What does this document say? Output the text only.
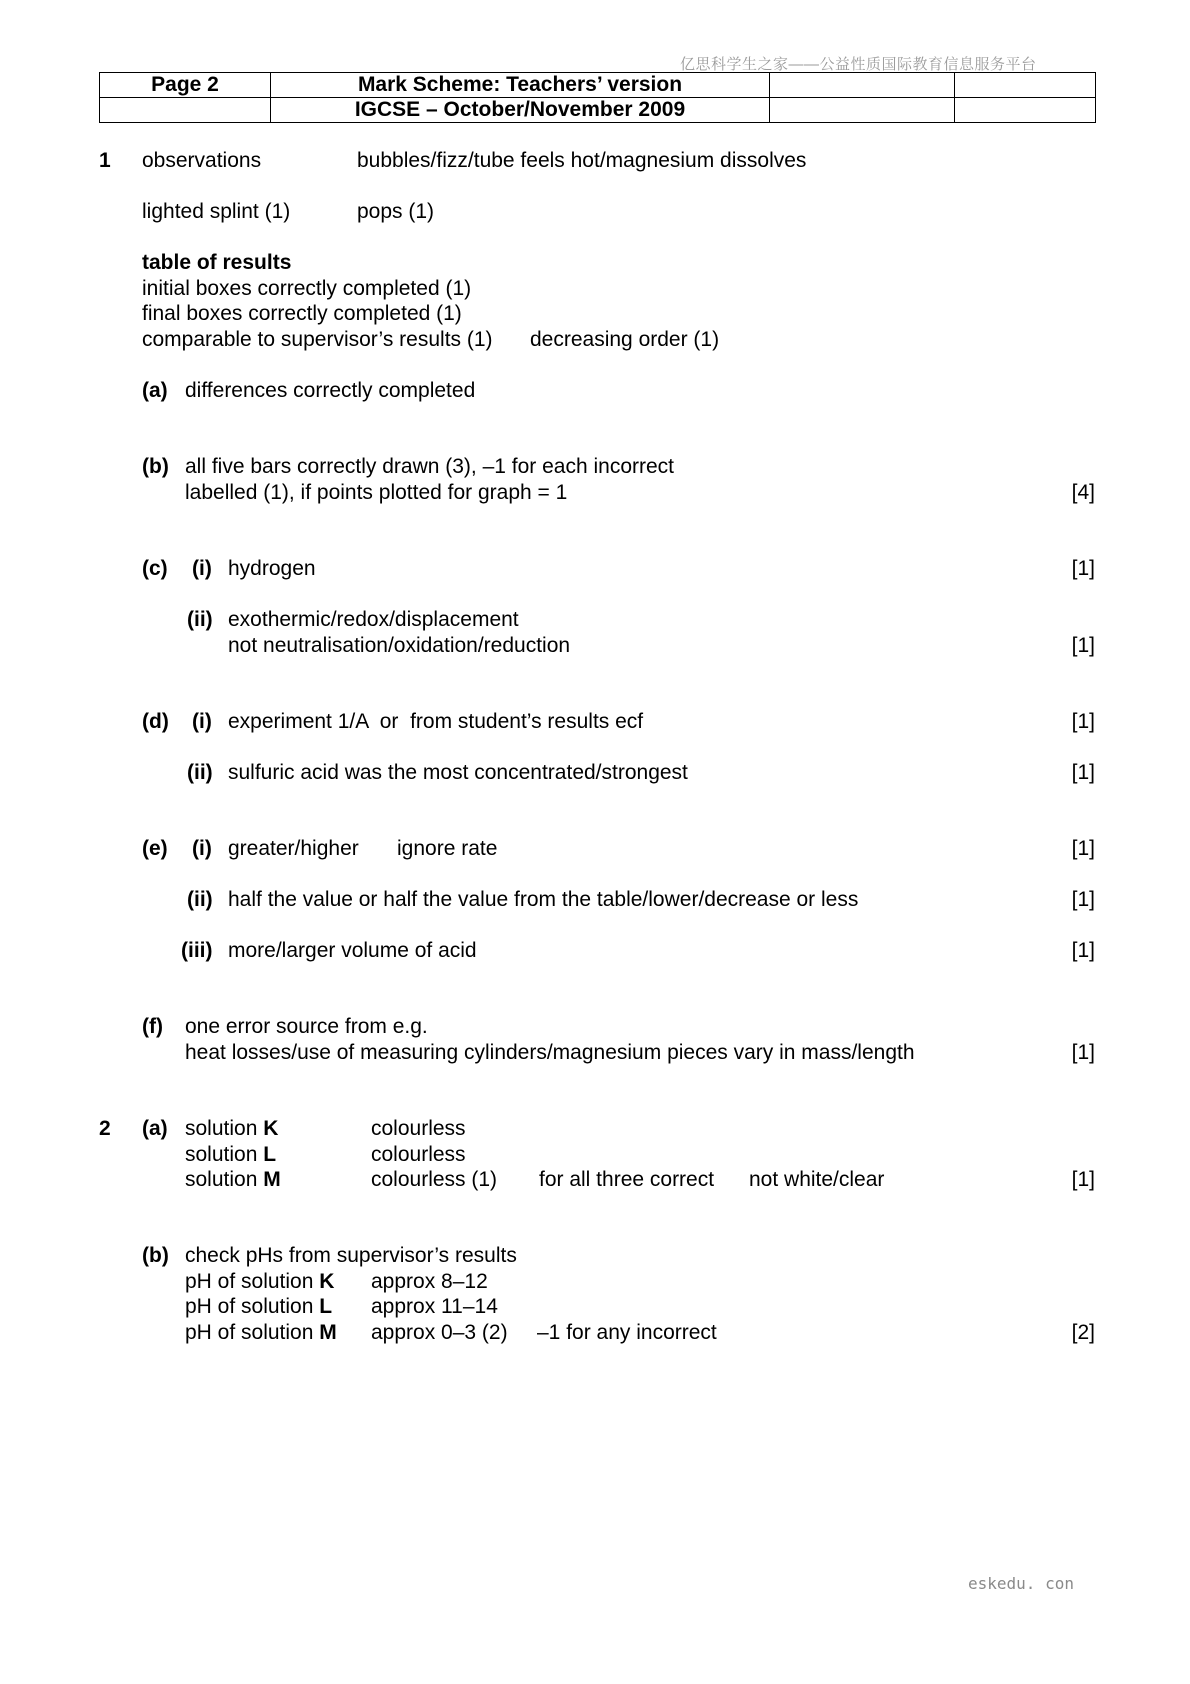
亿思科学生之家——公益性质国际教育信息服务平台
Page 2	Mark Scheme: Teachers’ version		
	IGCSE – October/November 2009		
1 observations	bubbles/fizz/tube feels hot/magnesium dissolves
lighted splint (1)	pops (1)
table of results
initial boxes correctly completed (1)
final boxes correctly completed (1)
comparable to supervisor’s results (1) decreasing order (1)
(a) differences correctly completed
(b) all five bars correctly drawn (3), –1 for each incorrect
labelled (1), if points plotted for graph = 1	[4]
(c) (i) hydrogen	[1]
(ii) exothermic/redox/displacement
not neutralisation/oxidation/reduction	[1]
(d) (i) experiment 1/A  or  from student’s results ecf	[1]
(ii) sulfuric acid was the most concentrated/strongest	[1]
(e) (i) greater/higher ignore rate	[1]
(ii) half the value or half the value from the table/lower/decrease or less	[1]
(iii) more/larger volume of acid	[1]
(f) one error source from e.g.
heat losses/use of measuring cylinders/magnesium pieces vary in mass/length	[1]
2 (a) solution K	colourless
solution L	colourless
solution M	colourless (1) for all three correct not white/clear	[1]
(b) check pHs from supervisor’s results
pH of solution K approx 8–12
pH of solution L approx 11–14
pH of solution M approx 0–3 (2) –1 for any incorrect	[2]
eskedu. con
